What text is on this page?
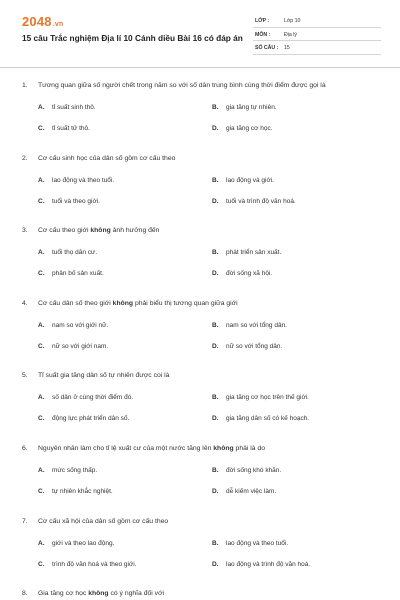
2048.vn
15 câu Trắc nghiệm Địa lí 10 Cánh diều Bài 16 có đáp án
LỚP :	Lớp 10
MÔN :	Địa lý
SỐ CÂU : 15
1. Tương quan giữa số người chết trong năm so với số dân trung bình cùng thời điểm được gọi là
A. tỉ suất sinh thô.	B. gia tăng tự nhiên.
C. tỉ suất tử thô.	D. gia tăng cơ học.
2. Cơ cấu sinh học của dân số gồm cơ cấu theo
A. lao động và theo tuổi.	B. lao động và giới.
C. tuổi và theo giới.	D. tuổi và trình độ văn hoá.
3. Cơ cấu theo giới không ảnh hưởng đến
A. tuổi thọ dân cư.	B. phát triển sản xuất.
C. phân bố sản xuất.	D. đời sống xã hội.
4. Cơ cấu dân số theo giới không phải biểu thị tương quan giữa giới
A. nam so với giới nữ.	B. nam so với tổng dân.
C. nữ so với giới nam.	D. nữ so với tổng dân.
5. Tỉ suất gia tăng dân số tự nhiên được coi là
A. số dân ở cùng thời điểm đó.	B. gia tăng cơ học trên thế giới.
C. động lực phát triển dân số.	D. gia tăng dân số có kế hoạch.
6. Nguyên nhân làm cho tỉ lệ xuất cư của một nước tăng lên không phải là do
A. mức sống thấp.	B. đời sống khó khăn.
C. tự nhiên khắc nghiệt.	D. dễ kiếm việc làm.
7. Cơ cấu xã hội của dân số gồm cơ cấu theo
A. giới và theo lao động.	B. lao động và theo tuổi.
C. trình độ văn hoá và theo giới.	D. lao động và trình độ văn hoá.
8. Gia tăng cơ học không có ý nghĩa đối với
